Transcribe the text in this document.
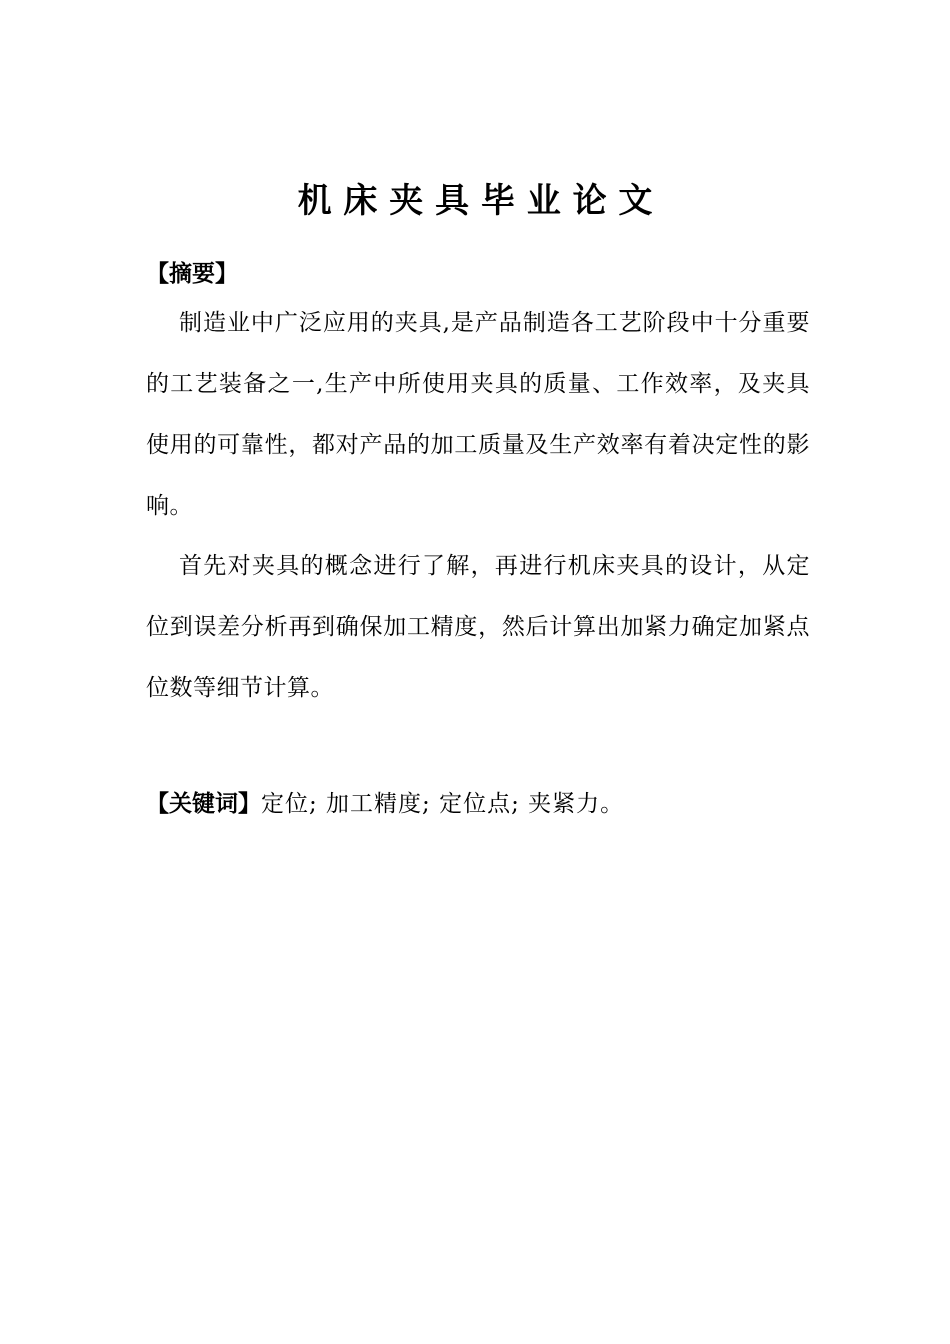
机 床 夹 具 毕 业 论 文
【摘要】

制造业中广泛应用的夹具,是产品制造各工艺阶段中十分重要的工艺装备之一,生产中所使用夹具的质量、工作效率，及夹具使用的可靠性，都对产品的加工质量及生产效率有着决定性的影响。

首先对夹具的概念进行了解，再进行机床夹具的设计，从定位到误差分析再到确保加工精度，然后计算出加紧力确定加紧点位数等细节计算。

【关键词】定位; 加工精度; 定位点; 夹紧力。
